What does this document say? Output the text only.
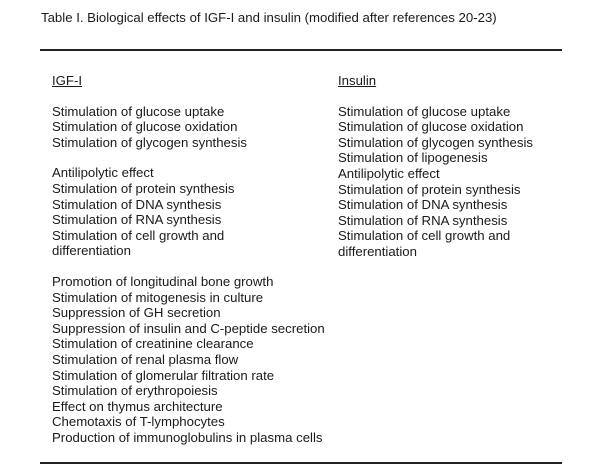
Table I. Biological effects of IGF-I and insulin (modified after references 20-23)
IGF-I
Stimulation of glucose uptake
Stimulation of glucose oxidation
Stimulation of glycogen synthesis
Antilipolytic effect
Stimulation of protein synthesis
Stimulation of DNA synthesis
Stimulation of RNA synthesis
Stimulation of cell growth and
differentiation
Promotion of longitudinal bone growth
Stimulation of mitogenesis in culture
Suppression of GH secretion
Suppression of insulin and C-peptide secretion
Stimulation of creatinine clearance
Stimulation of renal plasma flow
Stimulation of glomerular filtration rate
Stimulation of erythropoiesis
Effect on thymus architecture
Chemotaxis of T-lymphocytes
Production of immunoglobulins in plasma cells
Insulin
Stimulation of glucose uptake
Stimulation of glucose oxidation
Stimulation of glycogen synthesis
Stimulation of lipogenesis
Antilipolytic effect
Stimulation of protein synthesis
Stimulation of DNA synthesis
Stimulation of RNA synthesis
Stimulation of cell growth and
differentiation
